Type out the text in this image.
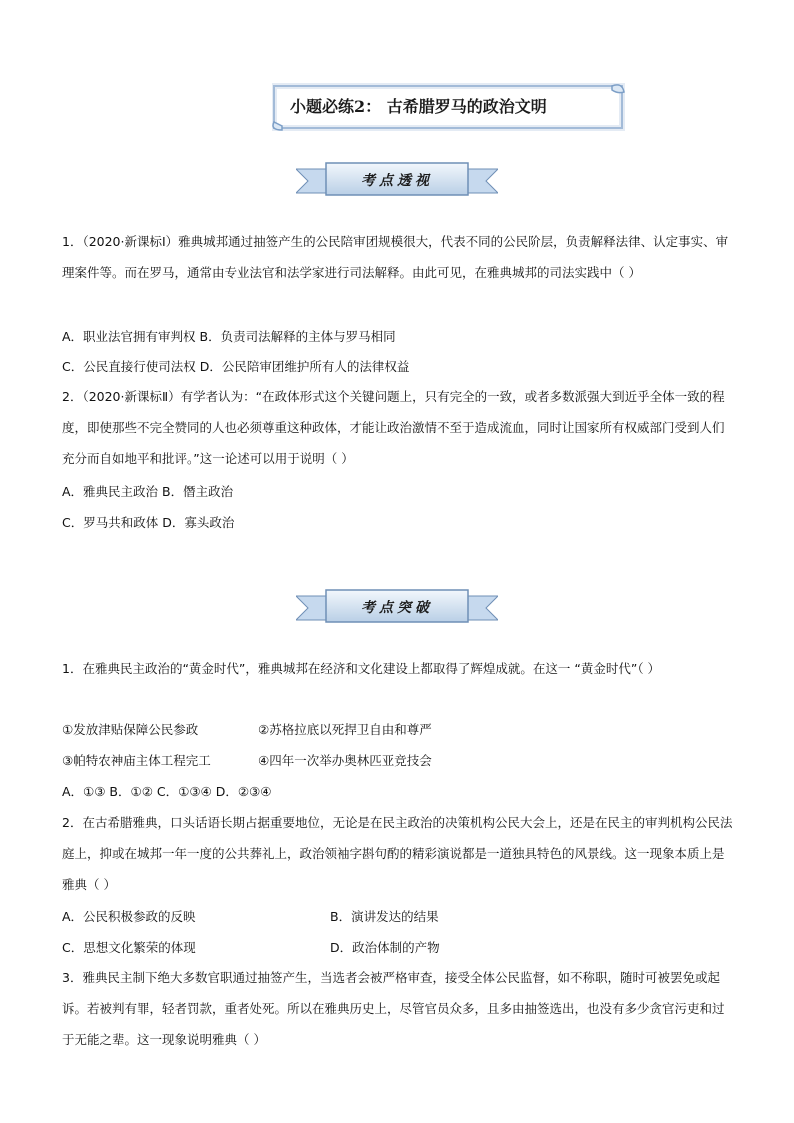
小题必练2： 古希腊罗马的政治文明
考点透视
1．（2020·新课标Ⅰ）雅典城邦通过抽签产生的公民陪审团规模很大，代表不同的公民阶层，负责解释法律、认定事实、审理案件等。而在罗马，通常由专业法官和法学家进行司法解释。由此可见，在雅典城邦的司法实践中（ ）
A．职业法官拥有审判权 B．负责司法解释的主体与罗马相同
C．公民直接行使司法权 D．公民陪审团维护所有人的法律权益
2．（2020·新课标Ⅱ）有学者认为：“在政体形式这个关键问题上，只有完全的一致，或者多数派强大到近乎全体一致的程度，即使那些不完全赞同的人也必须尊重这种政体，才能让政治激情不至于造成流血，同时让国家所有权威部门受到人们充分而自如地平和批评。”这一论述可以用于说明（ ）
A．雅典民主政治 B．僭主政治
C．罗马共和政体 D．寡头政治
考点突破
1．在雅典民主政治的“黄金时代”，雅典城邦在经济和文化建设上都取得了辉煌成就。在这一 “黄金时代”（ ）
①发放津贴保障公民参政	②苏格拉底以死捍卫自由和尊严
③帕特农神庙主体工程完工	④四年一次举办奥林匹亚竞技会
A．①③ B．①② C．①③④ D．②③④
2．在古希腊雅典，口头话语长期占据重要地位，无论是在民主政治的决策机构公民大会上，还是在民主的审判机构公民法庭上，抑或在城邦一年一度的公共葬礼上，政治领袖字斟句酌的精彩演说都是一道独具特色的风景线。这一现象本质上是雅典（ ）
A．公民积极参政的反映	B．演讲发达的结果
C．思想文化繁荣的体现	D．政治体制的产物
3．雅典民主制下绝大多数官职通过抽签产生，当选者会被严格审查，接受全体公民监督，如不称职，随时可被罢免或起诉。若被判有罪，轻者罚款，重者处死。所以在雅典历史上，尽管官员众多，且多由抽签选出，也没有多少贪官污吏和过于无能之辈。这一现象说明雅典（ ）
